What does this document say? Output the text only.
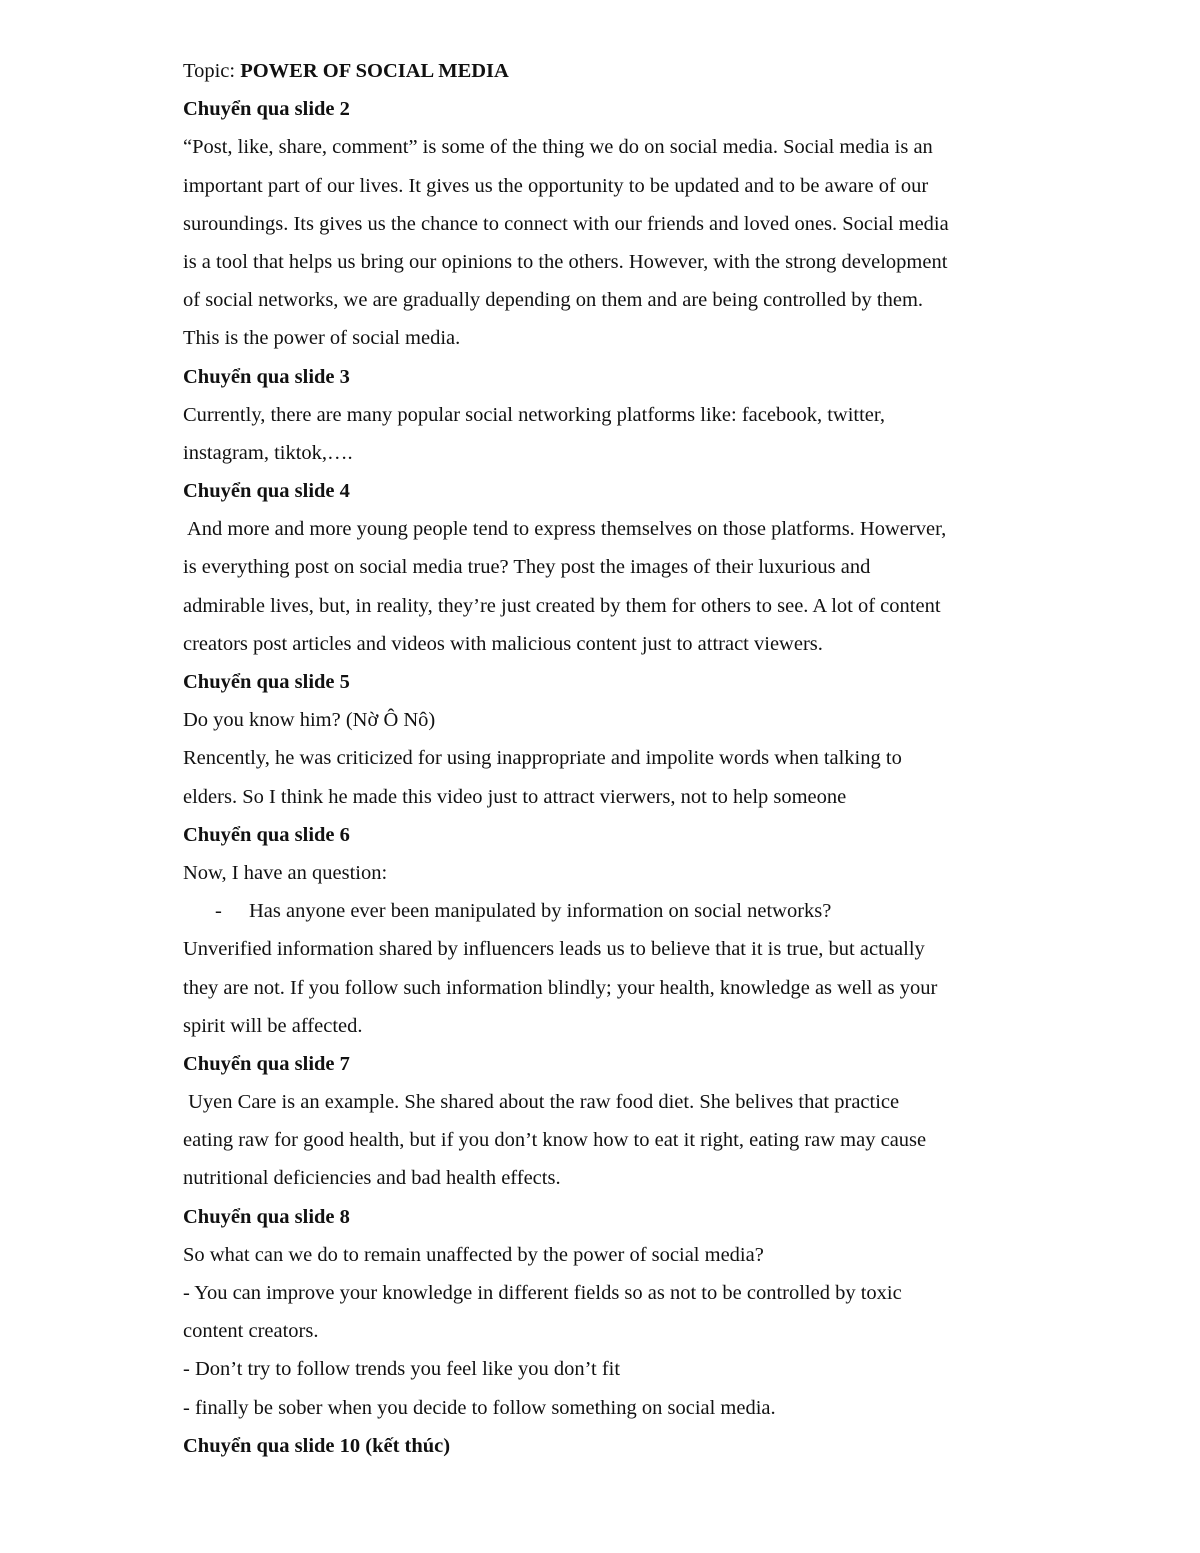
Topic: POWER OF SOCIAL MEDIA
Chuyển qua slide 2
“Post, like, share, comment” is some of the thing we do on social media. Social media is an
important part of our lives. It gives us the opportunity to be updated and to be aware of our
suroundings. Its gives us the chance to connect with our friends and loved ones. Social media
is a tool that helps us bring our opinions to the others. However, with the strong development
of social networks, we are gradually depending on them and are being controlled by them.
This is the power of social media.
Chuyển qua slide 3
Currently, there are many popular social networking platforms like: facebook, twitter,
instagram, tiktok,….
Chuyển qua slide 4
And more and more young people tend to express themselves on those platforms. Howerver,
is everything post on social media true? They post the images of their luxurious and
admirable lives, but, in reality, they’re just created by them for others to see. A lot of content
creators post articles and videos with malicious content just to attract viewers.
Chuyển qua slide 5
Do you know him? (Nờ Ô Nô)
Rencently, he was criticized for using inappropriate and impolite words when talking to
elders. So I think he made this video just to attract vierwers, not to help someone
Chuyển qua slide 6
Now, I have an question:
- Has anyone ever been manipulated by information on social networks?
Unverified information shared by influencers leads us to believe that it is true, but actually
they are not. If you follow such information blindly; your health, knowledge as well as your
spirit will be affected.
Chuyển qua slide 7
Uyen Care is an example. She shared about the raw food diet. She belives that practice
eating raw for good health, but if you don’t know how to eat it right, eating raw may cause
nutritional deficiencies and bad health effects.
Chuyển qua slide 8
So what can we do to remain unaffected by the power of social media?
- You can improve your knowledge in different fields so as not to be controlled by toxic
content creators.
- Don’t try to follow trends you feel like you don’t fit
- finally be sober when you decide to follow something on social media.
Chuyển qua slide 10 (kết thúc)
